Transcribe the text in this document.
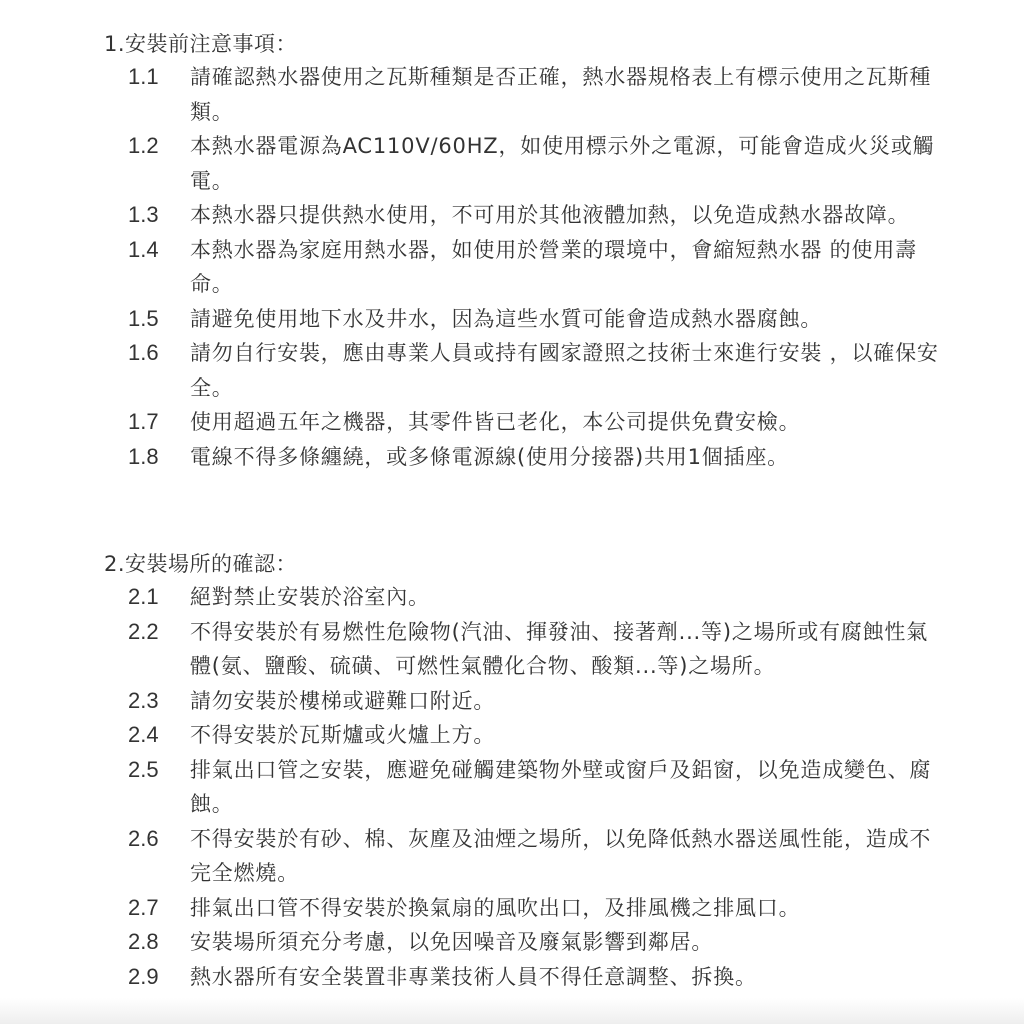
1.安裝前注意事項：
1.1	請確認熱水器使用之瓦斯種類是否正確，熱水器規格表上有標示使用之瓦斯種類。
1.2	本熱水器電源為AC110V/60HZ，如使用標示外之電源，可能會造成火災或觸電。
1.3	本熱水器只提供熱水使用，不可用於其他液體加熱，以免造成熱水器故障。
1.4	本熱水器為家庭用熱水器，如使用於營業的環境中，會縮短熱水器 的使用壽命。
1.5	請避免使用地下水及井水，因為這些水質可能會造成熱水器腐蝕。
1.6	請勿自行安裝，應由專業人員或持有國家證照之技術士來進行安裝 ，以確保安全。
1.7	使用超過五年之機器，其零件皆已老化，本公司提供免費安檢。
1.8	電線不得多條纏繞，或多條電源線(使用分接器)共用1個插座。
2.安裝場所的確認：
2.1	絕對禁止安裝於浴室內。
2.2	不得安裝於有易燃性危險物(汽油、揮發油、接著劑...等)之場所或有腐蝕性氣體(氨、鹽酸、硫磺、可燃性氣體化合物、酸類...等)之場所。
2.3	請勿安裝於樓梯或避難口附近。
2.4	不得安裝於瓦斯爐或火爐上方。
2.5	排氣出口管之安裝，應避免碰觸建築物外壁或窗戶及鋁窗，以免造成變色、腐蝕。
2.6	不得安裝於有砂、棉、灰塵及油煙之場所，以免降低熱水器送風性能，造成不完全燃燒。
2.7	排氣出口管不得安裝於換氣扇的風吹出口，及排風機之排風口。
2.8	安裝場所須充分考慮，以免因噪音及廢氣影響到鄰居。
2.9	熱水器所有安全裝置非專業技術人員不得任意調整、拆換。
